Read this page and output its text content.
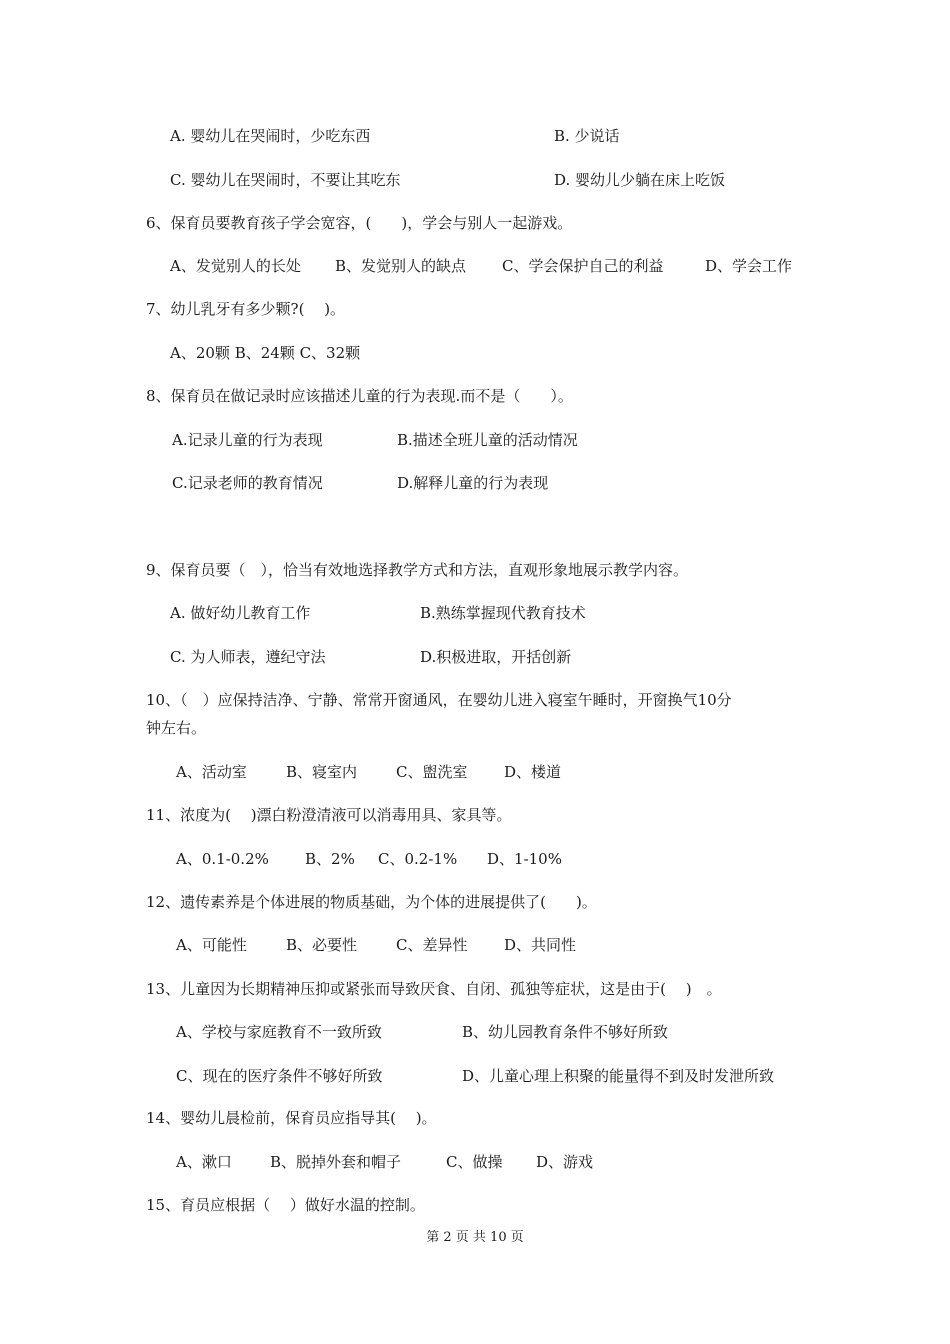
A. 婴幼儿在哭闹时，少吃东西	B. 少说话
C. 婴幼儿在哭闹时，不要让其吃东	D. 婴幼儿少躺在床上吃饭
6、保育员要教育孩子学会宽容，(　　)，学会与别人一起游戏。
A、发觉别人的长处 B、发觉别人的缺点 C、学会保护自己的利益	D、学会工作
7、幼儿乳牙有多少颗?(　 )。
A、20颗 B、24颗 C、32颗
8、保育员在做记录时应该描述儿童的行为表现.而不是（　　）。
A.记录儿童的行为表现	B.描述全班儿童的活动情况
C.记录老师的教育情况	D.解释儿童的行为表现
9、保育员要（　），恰当有效地选择教学方式和方法，直观形象地展示教学内容。
A. 做好幼儿教育工作	B.熟练掌握现代教育技术
C. 为人师表，遵纪守法	D.积极进取，开括创新
10、（　）应保持洁净、宁静、常常开窗通风，在婴幼儿进入寝室午睡时，开窗换气10分
钟左右。
A、活动室	B、寝室内	C、盥洗室 D、楼道
11、浓度为(　 )漂白粉澄清液可以消毒用具、家具等。
A、0.1-0.2% B、2% C、0.2-1% D、1-10%
12、遗传素养是个体进展的物质基础，为个体的进展提供了(　　)。
A、可能性	B、必要性	C、差异性 D、共同性
13、儿童因为长期精神压抑或紧张而导致厌食、自闭、孤独等症状，这是由于(　 )　。
A、学校与家庭教育不一致所致	B、幼儿园教育条件不够好所致
C、现在的医疗条件不够好所致	D、儿童心理上积聚的能量得不到及时发泄所致
14、婴幼儿晨检前，保育员应指导其(　 )。
A、漱口	B、脱掉外套和帽子	C、做操 D、游戏
15、育员应根据（　 ）做好水温的控制。
第 2 页 共 10 页
